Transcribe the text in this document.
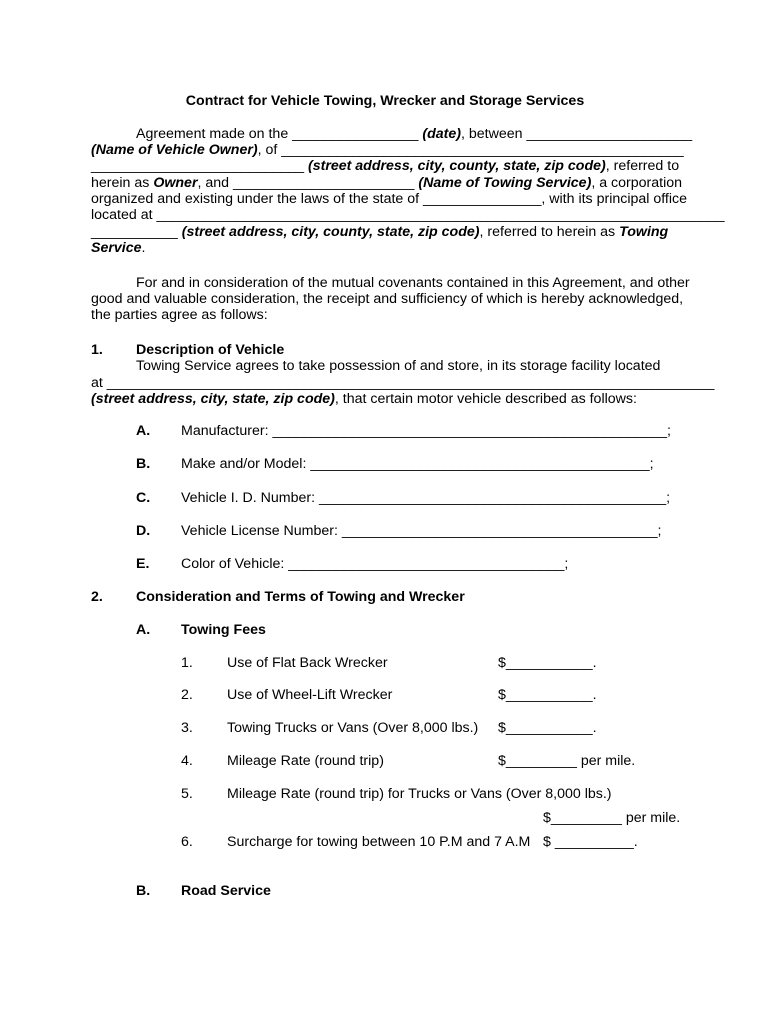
Contract for Vehicle Towing, Wrecker and Storage Services
Agreement made on the ________________ (date), between _____________________
(Name of Vehicle Owner), of ___________________________________________________
___________________________ (street address, city, county, state, zip code), referred to
herein as Owner, and _______________________ (Name of Towing Service), a corporation
organized and existing under the laws of the state of _______________, with its principal office
located at ________________________________________________________________________
___________ (street address, city, county, state, zip code), referred to herein as Towing
Service.
For and in consideration of the mutual covenants contained in this Agreement, and other
good and valuable consideration, the receipt and sufficiency of which is hereby acknowledged,
the parties agree as follows:
1. Description of Vehicle
Towing Service agrees to take possession of and store, in its storage facility located
at _____________________________________________________________________________
(street address, city, state, zip code), that certain motor vehicle described as follows:
A. Manufacturer: __________________________________________________;
B. Make and/or Model: ___________________________________________;
C. Vehicle I. D. Number: ____________________________________________;
D. Vehicle License Number: ________________________________________;
E. Color of Vehicle: ___________________________________;
2. Consideration and Terms of Towing and Wrecker
A. Towing Fees
1. Use of Flat Back Wrecker	$___________.
2. Use of Wheel-Lift Wrecker	$___________.
3. Towing Trucks or Vans (Over 8,000 lbs.) $___________.
4. Mileage Rate (round trip)	$_________ per mile.
5. Mileage Rate (round trip) for Trucks or Vans (Over 8,000 lbs.)
$_________ per mile.
6. Surcharge for towing between 10 P.M and 7 A.M $ __________.
B. Road Service
